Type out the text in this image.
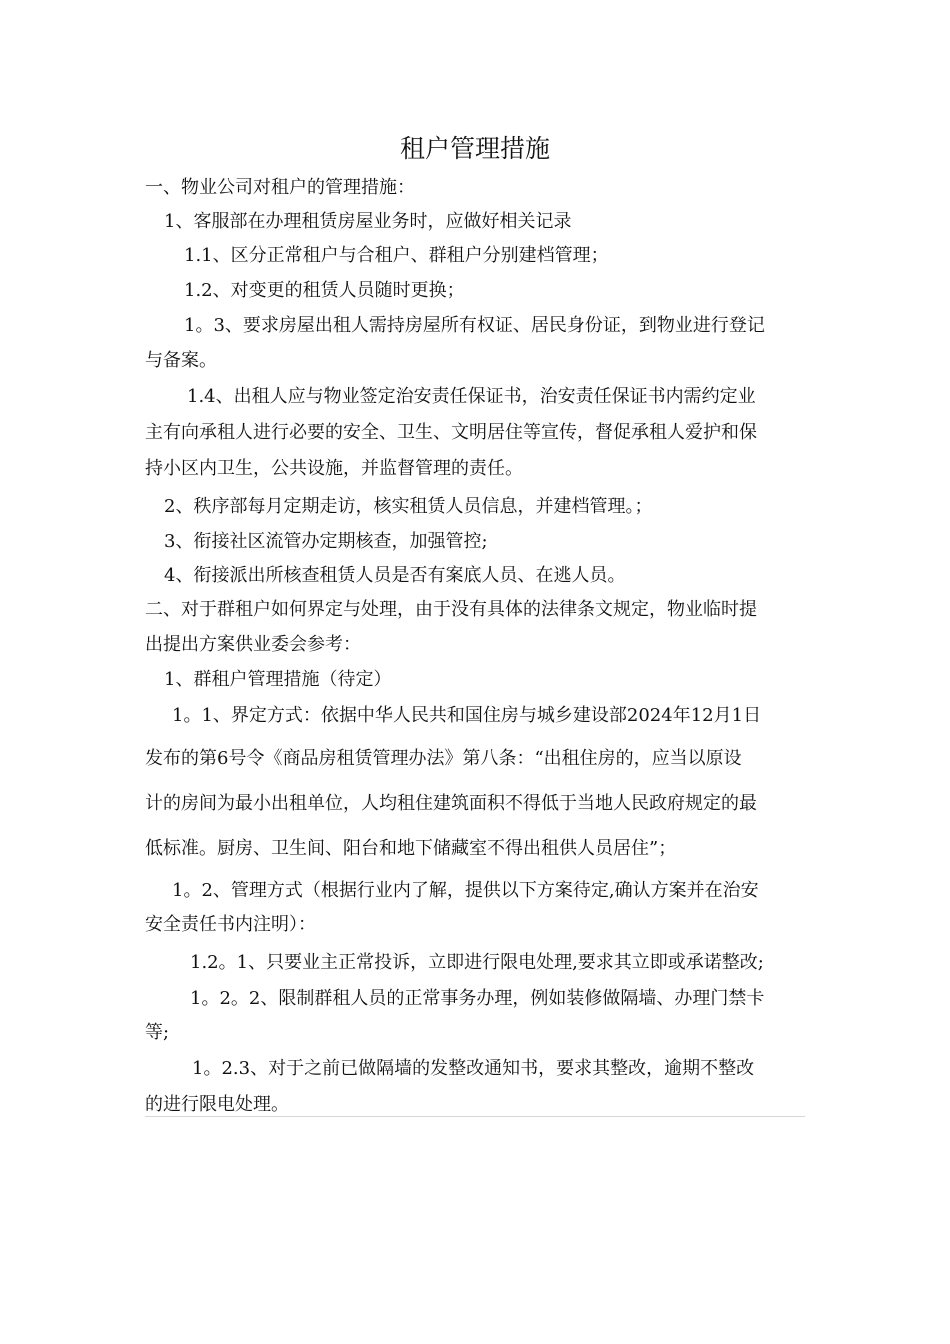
租户管理措施
一、物业公司对租户的管理措施：
1、客服部在办理租赁房屋业务时，应做好相关记录
1.1、区分正常租户与合租户、群租户分别建档管理；
1.2、对变更的租赁人员随时更换；
1。3、要求房屋出租人需持房屋所有权证、居民身份证，到物业进行登记
与备案。
1.4、出租人应与物业签定治安责任保证书，治安责任保证书内需约定业
主有向承租人进行必要的安全、卫生、文明居住等宣传，督促承租人爱护和保
持小区内卫生，公共设施，并监督管理的责任。
2、秩序部每月定期走访，核实租赁人员信息，并建档管理。；
3、衔接社区流管办定期核查，加强管控;
4、衔接派出所核查租赁人员是否有案底人员、在逃人员。
二、对于群租户如何界定与处理，由于没有具体的法律条文规定，物业临时提
出提出方案供业委会参考：
1、群租户管理措施（待定）
1。1、界定方式：依据中华人民共和国住房与城乡建设部2024年12月1日
发布的第6号令《商品房租赁管理办法》第八条：“出租住房的，应当以原设
计的房间为最小出租单位，人均租住建筑面积不得低于当地人民政府规定的最
低标准。厨房、卫生间、阳台和地下储藏室不得出租供人员居住”；
1。2、管理方式（根据行业内了解，提供以下方案待定,确认方案并在治安
安全责任书内注明）：
1.2。1、只要业主正常投诉，立即进行限电处理,要求其立即或承诺整改;
1。2。2、限制群租人员的正常事务办理，例如装修做隔墙、办理门禁卡
等;
1。2.3、对于之前已做隔墙的发整改通知书，要求其整改，逾期不整改
的进行限电处理。
